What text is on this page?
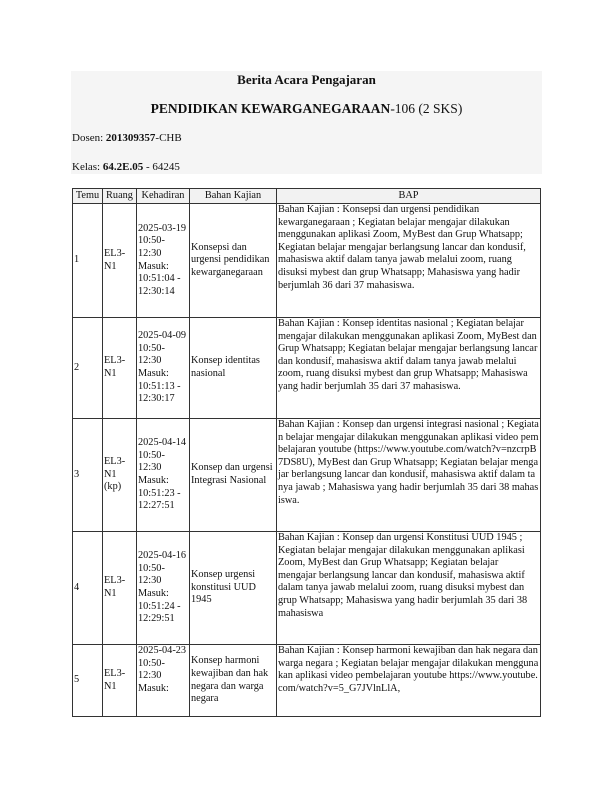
Berita Acara Pengajaran
PENDIDIKAN KEWARGANEGARAAN-106 (2 SKS)
Dosen: 201309357-CHB
Kelas: 64.2E.05 - 64245
Temu	Ruang	Kehadiran	Bahan Kajian	BAP
1	EL3-N1	2025-03-19 10:50-12:30 Masuk: 10:51:04 - 12:30:14	Konsepsi dan urgensi pendidikan kewarganegaraan	Bahan Kajian : Konsepsi dan urgensi pendidikan kewarganegaraan ; Kegiatan belajar mengajar dilakukan menggunakan aplikasi Zoom, MyBest dan Grup Whatsapp; Kegiatan belajar mengajar berlangsung lancar dan kondusif, mahasiswa aktif dalam tanya jawab melalui zoom, ruang disuksi mybest dan grup Whatsapp; Mahasiswa yang hadir berjumlah 36 dari 37 mahasiswa.
2	EL3-N1	2025-04-09 10:50-12:30 Masuk: 10:51:13 - 12:30:17	Konsep identitas nasional	Bahan Kajian : Konsep identitas nasional ; Kegiatan belajar mengajar dilakukan menggunakan aplikasi Zoom, MyBest dan Grup Whatsapp; Kegiatan belajar mengajar berlangsung lancar dan kondusif, mahasiswa aktif dalam tanya jawab melalui zoom, ruang disuksi mybest dan grup Whatsapp; Mahasiswa yang hadir berjumlah 35 dari 37 mahasiswa.
3	EL3-N1 (kp)	2025-04-14 10:50-12:30 Masuk: 10:51:23 - 12:27:51	Konsep dan urgensi Integrasi Nasional	Bahan Kajian : Konsep dan urgensi integrasi nasional ; Kegiatan belajar mengajar dilakukan menggunakan aplikasi video pembelajaran youtube (https://www.youtube.com/watch?v=nzcrpB7DS8U), MyBest dan Grup Whatsapp; Kegiatan belajar mengajar berlangsung lancar dan kondusif, mahasiswa aktif dalam tanya jawab ; Mahasiswa yang hadir berjumlah 35 dari 38 mahasiswa.
4	EL3-N1	2025-04-16 10:50-12:30 Masuk: 10:51:24 - 12:29:51	Konsep urgensi konstitusi UUD 1945	Bahan Kajian : Konsep dan urgensi Konstitusi UUD 1945 ; Kegiatan belajar mengajar dilakukan menggunakan aplikasi Zoom, MyBest dan Grup Whatsapp; Kegiatan belajar mengajar berlangsung lancar dan kondusif, mahasiswa aktif dalam tanya jawab melalui zoom, ruang disuksi mybest dan grup Whatsapp; Mahasiswa yang hadir berjumlah 35 dari 38 mahasiswa
5	EL3-N1	2025-04-23 10:50-12:30 Masuk:	Konsep harmoni kewajiban dan hak negara dan warga negara	Bahan Kajian : Konsep harmoni kewajiban dan hak negara dan warga negara ; Kegiatan belajar mengajar dilakukan menggunakan aplikasi video pembelajaran youtube https://www.youtube.com/watch?v=5_G7JVlnLlA,
